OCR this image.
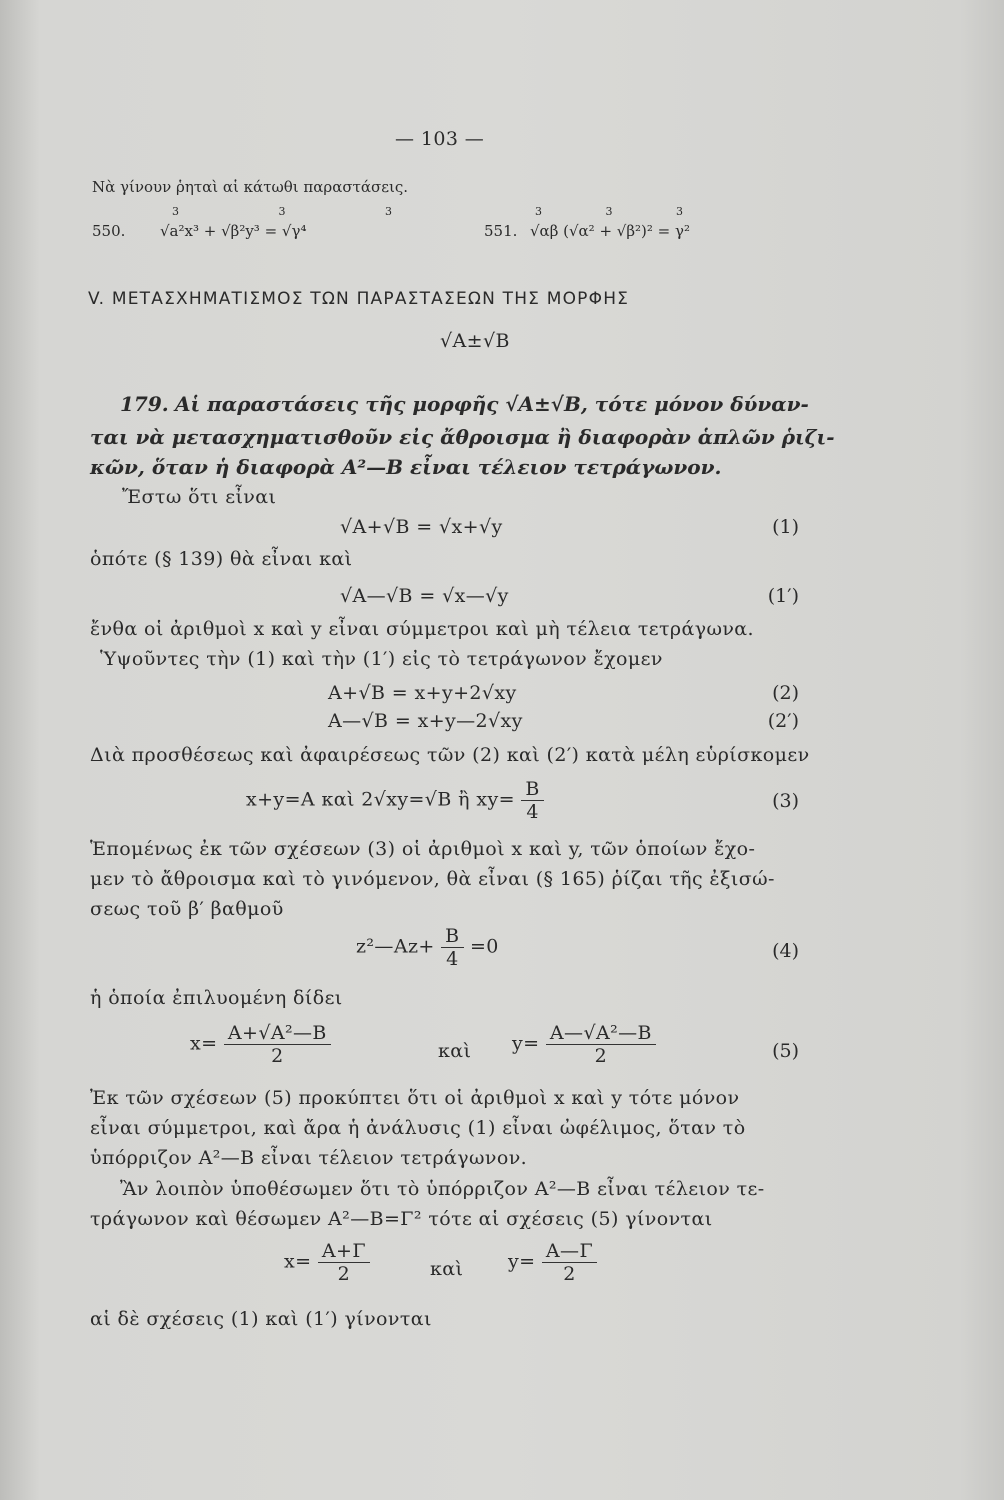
— 103 —
Νὰ γίνουν ῥηταὶ αἱ κάτωθι παραστάσεις.
3 3 3
550. √a²x³ + √β²y³ = √γ⁴
3 3 3
551. √αβ (√α² + √β²)² = γ²
V. ΜΕΤΑΣΧΗΜΑΤΙΣΜΟΣ ΤΩΝ ΠΑΡΑΣΤΑΣΕΩΝ ΤΗΣ ΜΟΡΦΗΣ
√A±√B
179. Αἱ παραστάσεις τῆς μορφῆς √A±√B, τότε μόνον δύναν-
ται νὰ μετασχηματισθοῦν εἰς ἄθροισμα ἢ διαφορὰν ἁπλῶν ῥιζι-
κῶν, ὅταν ἡ διαφορὰ A²—B εἶναι τέλειον τετράγωνον.
Ἔστω ὅτι εἶναι
√A+√B = √x+√y	(1)
ὁπότε (§ 139) θὰ εἶναι καὶ
√A—√B = √x—√y	(1′)
ἔνθα οἱ ἀριθμοὶ x καὶ y εἶναι σύμμετροι καὶ μὴ τέλεια τετράγωνα.
Ὑψοῦντες τὴν (1) καὶ τὴν (1′) εἰς τὸ τετράγωνον ἔχομεν
A+√B = x+y+2√xy	(2)
A—√B = x+y—2√xy	(2′)
Διὰ προσθέσεως καὶ ἀφαιρέσεως τῶν (2) καὶ (2′) κατὰ μέλη εὑρίσκομεν
x+y=A καὶ 2√xy=√B ἢ $xy= \frac{B}{4}$	(3)
Ἑπομένως ἐκ τῶν σχέσεων (3) οἱ ἀριθμοὶ x καὶ y, τῶν ὁποίων ἔχο-
μεν τὸ ἄθροισμα καὶ τὸ γινόμενον, θὰ εἶναι (§ 165) ῥίζαι τῆς ἐξισώ-
σεως τοῦ β′ βαθμοῦ
z²—Az+ $\frac{B}{4} =0$	(4)
ἡ ὁποία ἐπιλυομένη δίδει
$x= \frac{\text{A+√A²—B}}{2}$	καὶ $y= \frac{\text{A—√A²—B}}{2}$	(5)
Ἐκ τῶν σχέσεων (5) προκύπτει ὅτι οἱ ἀριθμοὶ x καὶ y τότε μόνον
εἶναι σύμμετροι, καὶ ἄρα ἡ ἀνάλυσις (1) εἶναι ὠφέλιμος, ὅταν τὸ
ὑπόρριζον A²—B εἶναι τέλειον τετράγωνον.
Ἂν λοιπὸν ὑποθέσωμεν ὅτι τὸ ὑπόρριζον A²—B εἶναι τέλειον τε-
τράγωνον καὶ θέσωμεν A²—B=Γ² τότε αἱ σχέσεις (5) γίνονται
$x= \frac{A+\Gamma}{2}$	καὶ $y= \frac{A—\Gamma}{2}$
αἱ δὲ σχέσεις (1) καὶ (1′) γίνονται
